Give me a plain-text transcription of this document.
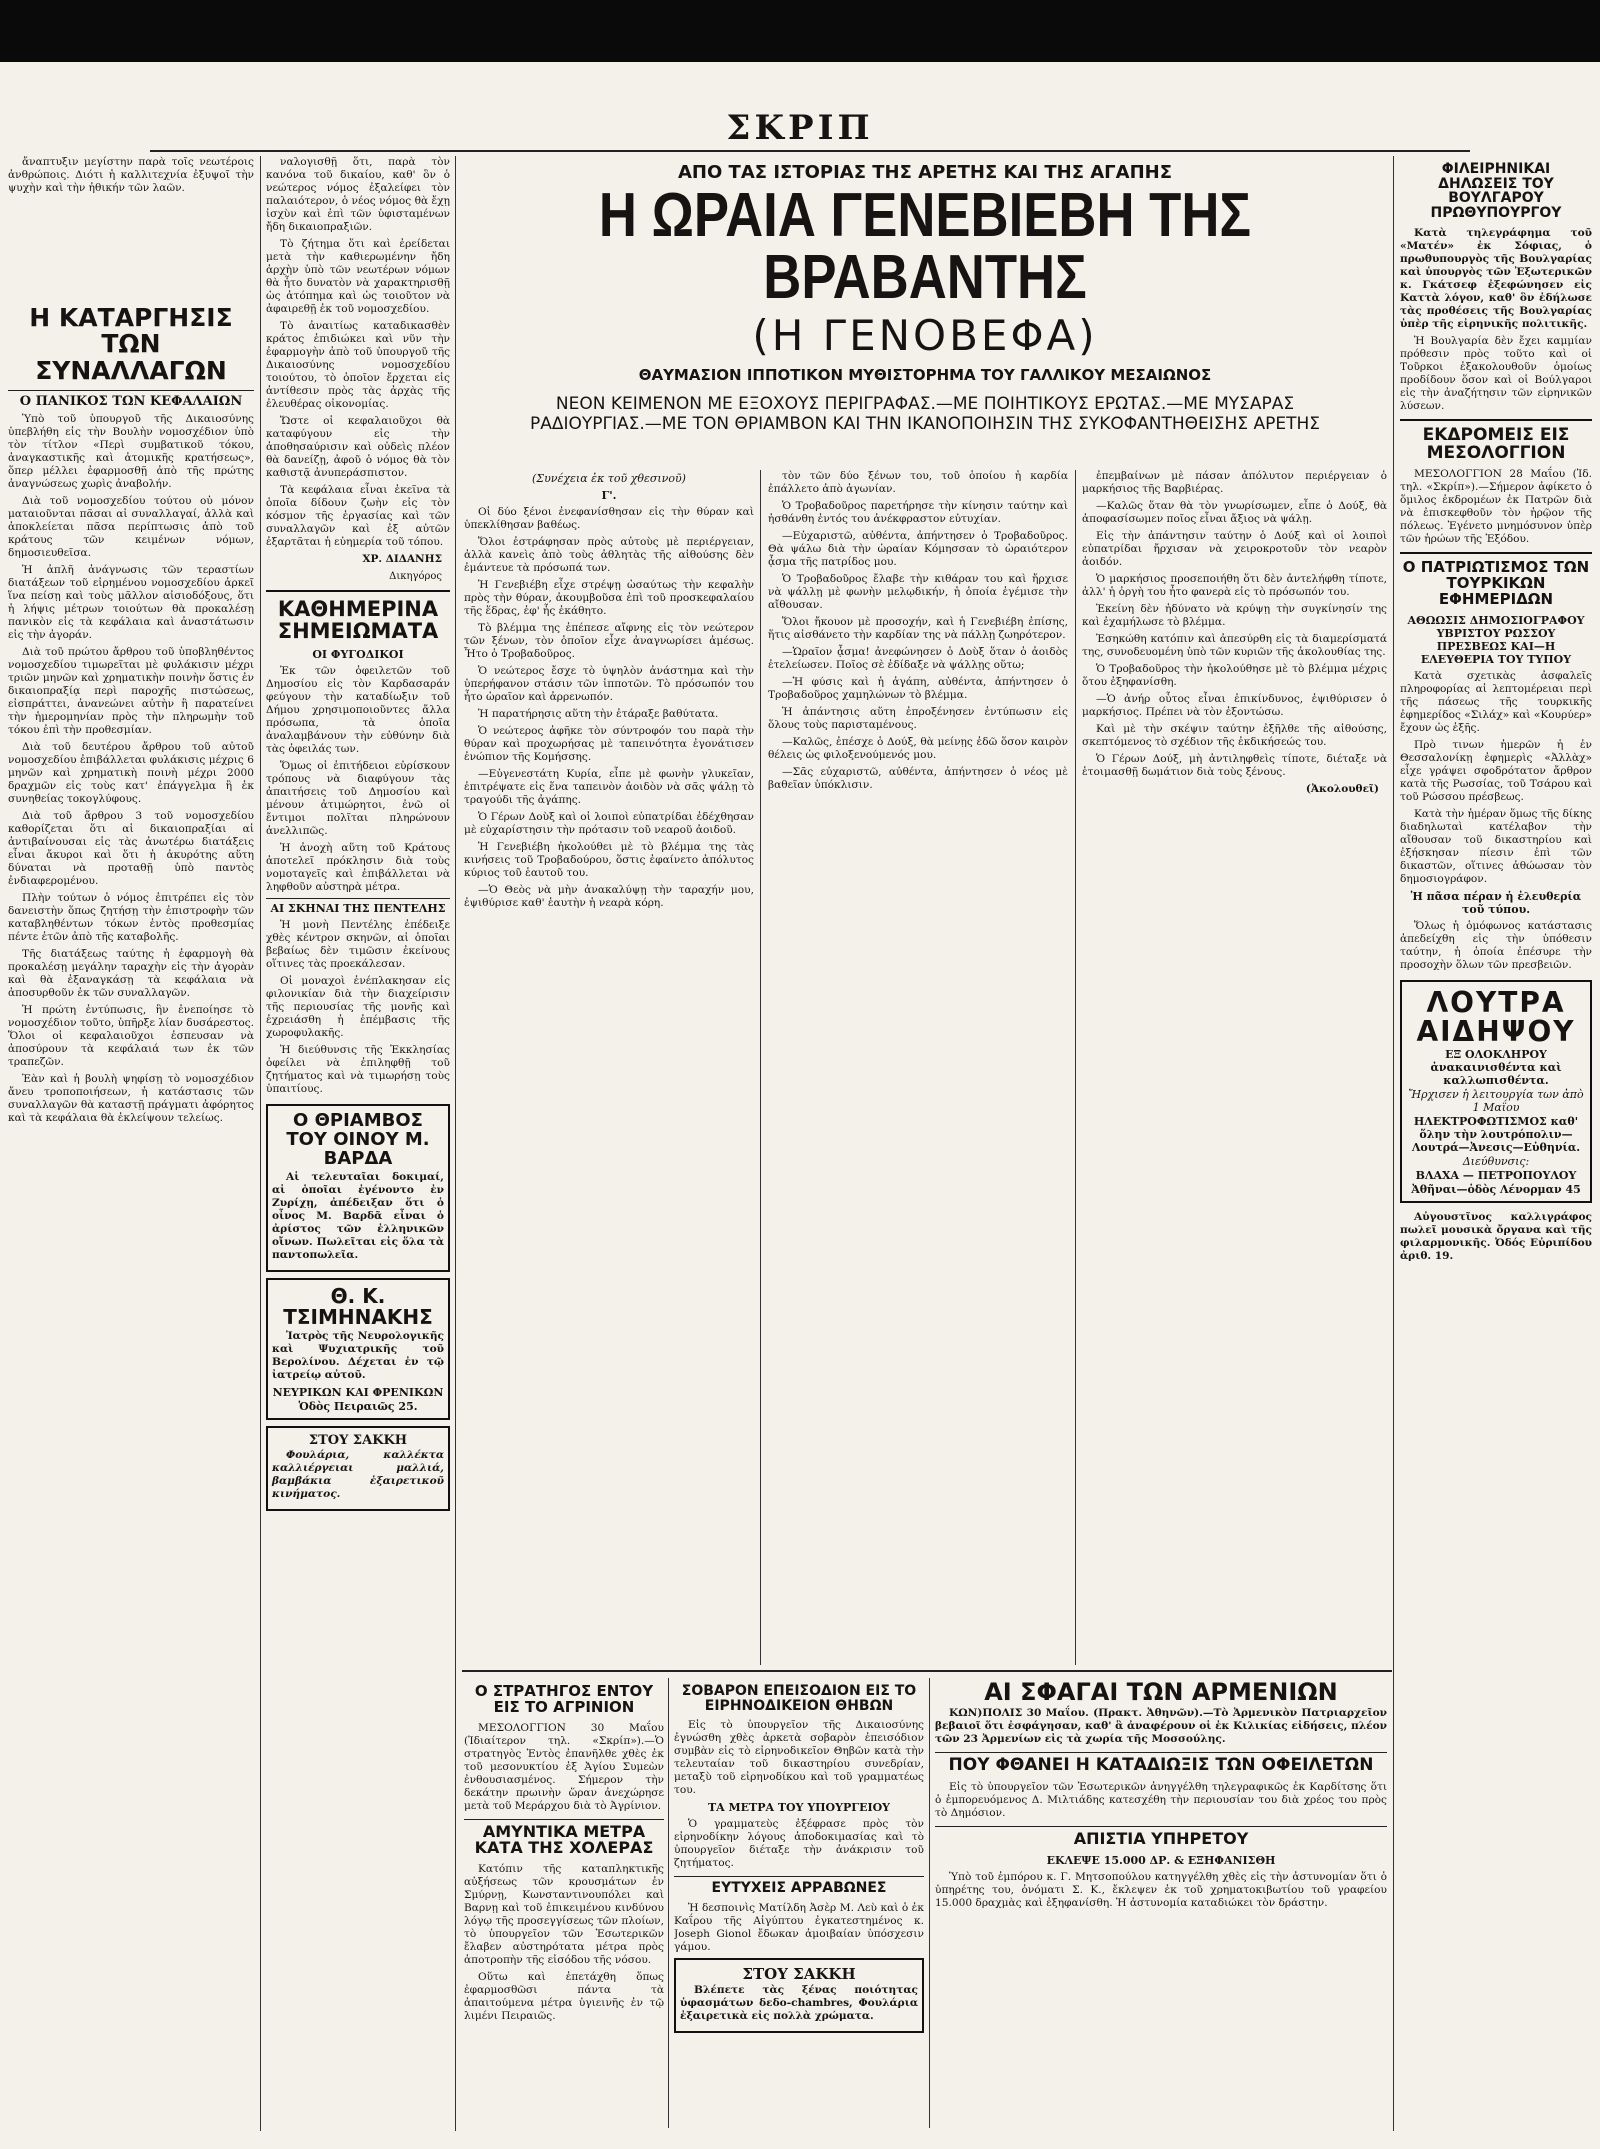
ΣΚΡΙΠ

ἄναπτυξιν μεγίστην παρὰ τοῖς νεωτέροις ἀνθρώποις. Διότι ἡ καλλιτεχνία ἐξυψοῖ τὴν ψυχὴν καὶ τὴν ἠθικήν τῶν λαῶν.

Η ΚΑΤΑΡΓΗΣΙΣ ΤΩΝ ΣΥΝΑΛΛΑΓΩΝ
Ο ΠΑΝΙΚΟΣ ΤΩΝ ΚΕΦΑΛΑΙΩΝ

Ὑπὸ τοῦ ὑπουργοῦ τῆς Δικαιοσύνης ὑπεβλήθη εἰς τὴν Βουλὴν νομοσχέδιον ὑπὸ τὸν τίτλον «Περὶ συμβατικοῦ τόκου, ἀναγκαστικῆς καὶ ἀτομικῆς κρατήσεως», ὅπερ μέλλει ἐφαρμοσθῇ ἀπὸ τῆς πρώτης ἀναγνώσεως χωρὶς ἀναβολήν.

Διὰ τοῦ νομοσχεδίου τούτου οὐ μόνον ματαιοῦνται πᾶσαι αἱ συναλλαγαί, ἀλλὰ καὶ ἀποκλείεται πᾶσα περίπτωσις ἀπὸ τοῦ κράτους τῶν κειμένων νόμων, δημοσιευθεῖσα.

Ἡ ἀπλῆ ἀνάγνωσις τῶν τεραστίων διατάξεων τοῦ εἰρημένου νομοσχεδίου ἀρκεῖ ἵνα πείσῃ καὶ τοὺς μᾶλλον αἰσιοδόξους, ὅτι ἡ λήψις μέτρων τοιούτων θὰ προκαλέσῃ πανικὸν εἰς τὰ κεφάλαια καὶ ἀναστάτωσιν εἰς τὴν ἀγοράν.

Διὰ τοῦ πρώτου ἄρθρου τοῦ ὑποβληθέντος νομοσχεδίου τιμωρεῖται μὲ φυλάκισιν μέχρι τριῶν μηνῶν καὶ χρηματικὴν ποινὴν ὅστις ἐν δικαιοπραξίᾳ περὶ παροχῆς πιστώσεως, εἰσπράττει, ἀνανεώνει αὐτὴν ἢ παρατείνει τὴν ἡμερομηνίαν πρὸς τὴν πληρωμὴν τοῦ τόκου ἐπὶ τὴν προθεσμίαν.

Διὰ τοῦ δευτέρου ἄρθρου τοῦ αὐτοῦ νομοσχεδίου ἐπιβάλλεται φυλάκισις μέχρις 6 μηνῶν καὶ χρηματικὴ ποινὴ μέχρι 2000 δραχμῶν εἰς τοὺς κατ' ἐπάγγελμα ἢ ἐκ συνηθείας τοκογλύφους.

Διὰ τοῦ ἄρθρου 3 τοῦ νομοσχεδίου καθορίζεται ὅτι αἱ δικαιοπραξίαι αἱ ἀντιβαίνουσαι εἰς τὰς ἀνωτέρω διατάξεις εἶναι ἄκυροι καὶ ὅτι ἡ ἀκυρότης αὕτη δύναται νὰ προταθῇ ὑπὸ παντὸς ἐνδιαφερομένου.

Πλὴν τούτων ὁ νόμος ἐπιτρέπει εἰς τὸν δανειστὴν ὅπως ζητήσῃ τὴν ἐπιστροφὴν τῶν καταβληθέντων τόκων ἐντὸς προθεσμίας πέντε ἐτῶν ἀπὸ τῆς καταβολῆς.

Τῆς διατάξεως ταύτης ἡ ἐφαρμογὴ θὰ προκαλέσῃ μεγάλην ταραχὴν εἰς τὴν ἀγορὰν καὶ θὰ ἐξαναγκάσῃ τὰ κεφάλαια νὰ ἀποσυρθοῦν ἐκ τῶν συναλλαγῶν.

Ἡ πρώτη ἐντύπωσις, ἣν ἐνεποίησε τὸ νομοσχέδιον τοῦτο, ὑπῆρξε λίαν δυσάρεστος. Ὅλοι οἱ κεφαλαιοῦχοι ἐσπευσαν νὰ ἀποσύρουν τὰ κεφάλαιά των ἐκ τῶν τραπεζῶν.

Ἐὰν καὶ ἡ βουλὴ ψηφίσῃ τὸ νομοσχέδιον ἄνευ τροποποιήσεων, ἡ κατάστασις τῶν συναλλαγῶν θὰ καταστῇ πράγματι ἀφόρητος καὶ τὰ κεφάλαια θὰ ἐκλείψουν τελείως.

ναλογισθῇ ὅτι, παρὰ τὸν κανόνα τοῦ δικαίου, καθ' ὃν ὁ νεώτερος νόμος ἐξαλείφει τὸν παλαιότερον, ὁ νέος νόμος θὰ ἔχῃ ἰσχὺν καὶ ἐπὶ τῶν ὑφισταμένων ἤδη δικαιοπραξιῶν.

Τὸ ζήτημα ὅτι καὶ ἐρείδεται μετὰ τὴν καθιερωμένην ἤδη ἀρχὴν ὑπὸ τῶν νεωτέρων νόμων θὰ ἦτο δυνατὸν νὰ χαρακτηρισθῇ ὡς ἀτόπημα καὶ ὡς τοιοῦτον νὰ ἀφαιρεθῇ ἐκ τοῦ νομοσχεδίου.

Τὸ ἀναιτίως καταδικασθὲν κράτος ἐπιδιώκει καὶ νῦν τὴν ἐφαρμογὴν ἀπὸ τοῦ ὑπουργοῦ τῆς Δικαιοσύνης νομοσχεδίου τοιούτου, τὸ ὁποῖον ἔρχεται εἰς ἀντίθεσιν πρὸς τὰς ἀρχὰς τῆς ἐλευθέρας οἰκονομίας.

Ὥστε οἱ κεφαλαιοῦχοι θὰ καταφύγουν εἰς τὴν ἀποθησαύρισιν καὶ οὐδεὶς πλέον θὰ δανείζῃ, ἀφοῦ ὁ νόμος θὰ τὸν καθιστᾷ ἀνυπεράσπιστον.

Τὰ κεφάλαια εἶναι ἐκεῖνα τὰ ὁποῖα δίδουν ζωὴν εἰς τὸν κόσμον τῆς ἐργασίας καὶ τῶν συναλλαγῶν καὶ ἐξ αὐτῶν ἐξαρτᾶται ἡ εὐημερία τοῦ τόπου.

ΧΡ. ΔΙΔΑΝΗΣ
Δικηγόρος
ΚΑΘΗΜΕΡΙΝΑ ΣΗΜΕΙΩΜΑΤΑ
ΟΙ ΦΥΓΟΔΙΚΟΙ

Ἐκ τῶν ὀφειλετῶν τοῦ Δημοσίου εἰς τὸν Καρδασαράν φεύγουν τὴν καταδίωξιν τοῦ Δήμου χρησιμοποιοῦντες ἄλλα πρόσωπα, τὰ ὁποῖα ἀναλαμβάνουν τὴν εὐθύνην διὰ τὰς ὀφειλάς των.

Ὅμως οἱ ἐπιτήδειοι εὑρίσκουν τρόπους νὰ διαφύγουν τὰς ἀπαιτήσεις τοῦ Δημοσίου καὶ μένουν ἀτιμώρητοι, ἐνῶ οἱ ἔντιμοι πολῖται πληρώνουν ἀνελλιπῶς.

Ἡ ἀνοχὴ αὕτη τοῦ Κράτους ἀποτελεῖ πρόκλησιν διὰ τοὺς νομοταγεῖς καὶ ἐπιβάλλεται νὰ ληφθοῦν αὐστηρὰ μέτρα.

ΑΙ ΣΚΗΝΑΙ ΤΗΣ ΠΕΝΤΕΛΗΣ

Ἡ μονὴ Πεντέλης ἐπέδειξε χθὲς κέντρον σκηνῶν, αἱ ὁποῖαι βεβαίως δὲν τιμῶσιν ἐκείνους οἵτινες τὰς προεκάλεσαν.

Οἱ μοναχοὶ ἐνέπλακησαν εἰς φιλονικίαν διὰ τὴν διαχείρισιν τῆς περιουσίας τῆς μονῆς καὶ ἐχρειάσθη ἡ ἐπέμβασις τῆς χωροφυλακῆς.

Ἡ διεύθυνσις τῆς Ἐκκλησίας ὀφείλει νὰ ἐπιληφθῇ τοῦ ζητήματος καὶ νὰ τιμωρήσῃ τοὺς ὑπαιτίους.

Ο ΘΡΙΑΜΒΟΣ ΤΟΥ ΟΙΝΟΥ Μ. ΒΑΡΔΑ

Αἱ τελευταῖαι δοκιμαί, αἱ ὁποῖαι ἐγένοντο ἐν Ζυρίχῃ, ἀπέδειξαν ὅτι ὁ οἶνος Μ. Βαρδᾶ εἶναι ὁ ἀρίστος τῶν ἑλληνικῶν οἴνων. Πωλεῖται εἰς ὅλα τὰ παντοπωλεῖα.

Θ. Κ. ΤΣΙΜΗΝΑΚΗΣ

Ἰατρὸς τῆς Νευρολογικῆς καὶ Ψυχιατρικῆς τοῦ Βερολίνου. Δέχεται ἐν τῷ ἰατρείῳ αὐτοῦ.

ΝΕΥΡΙΚΩΝ ΚΑΙ ΦΡΕΝΙΚΩΝ
Ὁδὸς Πειραιῶς 25.
ΣΤΟΥ ΣΑΚΚΗ

Φουλάρια, καλλέκτα καλλιέργειαι μαλλιά, βαμβάκια ἐξαιρετικοῦ κινήματος.

ΑΠΟ ΤΑΣ ΙΣΤΟΡΙΑΣ ΤΗΣ ΑΡΕΤΗΣ ΚΑΙ ΤΗΣ ΑΓΑΠΗΣ
Η ΩΡΑΙΑ ΓΕΝΕΒΙΕΒΗ ΤΗΣ ΒΡΑΒΑΝΤΗΣ
(Η ΓΕΝΟΒΕΦΑ)
ΘΑΥΜΑΣΙΟΝ ΙΠΠΟΤΙΚΟΝ ΜΥΘΙΣΤΟΡΗΜΑ ΤΟΥ ΓΑΛΛΙΚΟΥ ΜΕΣΑΙΩΝΟΣ
ΝΕΟΝ ΚΕΙΜΕΝΟΝ ΜΕ ΕΞΟΧΟΥΣ ΠΕΡΙΓΡΑΦΑΣ.—ΜΕ ΠΟΙΗΤΙΚΟΥΣ ΕΡΩΤΑΣ.—ΜΕ ΜΥΣΑΡΑΣ ΡΑΔΙΟΥΡΓΙΑΣ.—ΜΕ ΤΟΝ ΘΡΙΑΜΒΟΝ ΚΑΙ ΤΗΝ ΙΚΑΝΟΠΟΙΗΣΙΝ ΤΗΣ ΣΥΚΟΦΑΝΤΗΘΕΙΣΗΣ ΑΡΕΤΗΣ
(Συνέχεια ἐκ τοῦ χθεσινοῦ)
Γ'.

Οἱ δύο ξένοι ἐνεφανίσθησαν εἰς τὴν θύραν καὶ ὑπεκλίθησαν βαθέως.

Ὅλοι ἐστράφησαν πρὸς αὐτοὺς μὲ περιέργειαν, ἀλλὰ κανεὶς ἀπὸ τοὺς ἀθλητὰς τῆς αἰθούσης δὲν ἐμάντευε τὰ πρόσωπά των.

Ἡ Γενεβιέβη εἶχε στρέψῃ ὡσαύτως τὴν κεφαλὴν πρὸς τὴν θύραν, ἀκουμβοῦσα ἐπὶ τοῦ προσκεφαλαίου τῆς ἕδρας, ἐφ' ἧς ἐκάθητο.

Τὸ βλέμμα της ἐπέπεσε αἴφνης εἰς τὸν νεώτερον τῶν ξένων, τὸν ὁποῖον εἶχε ἀναγνωρίσει ἀμέσως. Ἦτο ὁ Τροβαδοῦρος.

Ὁ νεώτερος ἔσχε τὸ ὑψηλὸν ἀνάστημα καὶ τὴν ὑπερήφανον στάσιν τῶν ἱπποτῶν. Τὸ πρόσωπόν του ἦτο ὡραῖον καὶ ἀρρενωπόν.

Ἡ παρατήρησις αὕτη τὴν ἐτάραξε βαθύτατα.

Ὁ νεώτερος ἀφῆκε τὸν σύντροφόν του παρὰ τὴν θύραν καὶ προχωρήσας μὲ ταπεινότητα ἐγονάτισεν ἐνώπιον τῆς Κομήσσης.

—Εὐγενεστάτη Κυρία, εἶπε μὲ φωνὴν γλυκεῖαν, ἐπιτρέψατε εἰς ἕνα ταπεινὸν ἀοιδὸν νὰ σᾶς ψάλῃ τὸ τραγούδι τῆς ἀγάπης.

Ὁ Γέρων Δοὺξ καὶ οἱ λοιποὶ εὐπατρίδαι ἐδέχθησαν μὲ εὐχαρίστησιν τὴν πρότασιν τοῦ νεαροῦ ἀοιδοῦ.

Ἡ Γενεβιέβη ἠκολούθει μὲ τὸ βλέμμα της τὰς κινήσεις τοῦ Τροβαδούρου, ὅστις ἐφαίνετο ἀπόλυτος κύριος τοῦ ἑαυτοῦ του.

—Ὁ Θεὸς νὰ μὴν ἀνακαλύψῃ τὴν ταραχήν μου, ἐψιθύρισε καθ' ἑαυτὴν ἡ νεαρὰ κόρη.

τὸν τῶν δύο ξένων του, τοῦ ὁποίου ἡ καρδία ἐπάλλετο ἀπὸ ἀγωνίαν.

Ὁ Τροβαδοῦρος παρετήρησε τὴν κίνησιν ταύτην καὶ ἠσθάνθη ἐντός του ἀνέκφραστον εὐτυχίαν.

—Εὐχαριστῶ, αὐθέντα, ἀπήντησεν ὁ Τροβαδοῦρος. Θὰ ψάλω διὰ τὴν ὡραίαν Κόμησσαν τὸ ὡραιότερον ᾆσμα τῆς πατρίδος μου.

Ὁ Τροβαδοῦρος ἔλαβε τὴν κιθάραν του καὶ ἤρχισε νὰ ψάλλῃ μὲ φωνὴν μελῳδικήν, ἡ ὁποία ἐγέμισε τὴν αἴθουσαν.

Ὅλοι ἤκουον μὲ προσοχήν, καὶ ἡ Γενεβιέβη ἐπίσης, ἥτις αἰσθάνετο τὴν καρδίαν της νὰ πάλλῃ ζωηρότερον.

—Ὡραῖον ᾆσμα! ἀνεφώνησεν ὁ Δοὺξ ὅταν ὁ ἀοιδὸς ἐτελείωσεν. Ποῖος σὲ ἐδίδαξε νὰ ψάλλῃς οὕτω;

—Ἡ φύσις καὶ ἡ ἀγάπη, αὐθέντα, ἀπήντησεν ὁ Τροβαδοῦρος χαμηλώνων τὸ βλέμμα.

Ἡ ἀπάντησις αὕτη ἐπροξένησεν ἐντύπωσιν εἰς ὅλους τοὺς παρισταμένους.

—Καλῶς, ἐπέσχε ὁ Δούξ, θὰ μείνῃς ἐδῶ ὅσον καιρὸν θέλεις ὡς φιλοξενούμενός μου.

—Σᾶς εὐχαριστῶ, αὐθέντα, ἀπήντησεν ὁ νέος μὲ βαθεῖαν ὑπόκλισιν.

ἐπεμβαίνων μὲ πάσαν ἀπόλυτον περιέργειαν ὁ μαρκήσιος τῆς Βαρβιέρας.

—Καλῶς ὅταν θὰ τὸν γνωρίσωμεν, εἶπε ὁ Δούξ, θὰ ἀποφασίσωμεν ποῖος εἶναι ἄξιος νὰ ψάλῃ.

Εἰς τὴν ἀπάντησιν ταύτην ὁ Δούξ καὶ οἱ λοιποὶ εὐπατρίδαι ἤρχισαν νὰ χειροκροτοῦν τὸν νεαρὸν ἀοιδόν.

Ὁ μαρκήσιος προσεποιήθη ὅτι δὲν ἀντελήφθη τίποτε, ἀλλ' ἡ ὀργὴ του ἦτο φανερὰ εἰς τὸ πρόσωπόν του.

Ἐκείνη δὲν ἠδύνατο νὰ κρύψῃ τὴν συγκίνησίν της καὶ ἐχαμήλωσε τὸ βλέμμα.

Ἐσηκώθη κατόπιν καὶ ἀπεσύρθη εἰς τὰ διαμερίσματά της, συνοδευομένη ὑπὸ τῶν κυριῶν τῆς ἀκολουθίας της.

Ὁ Τροβαδοῦρος τὴν ἠκολούθησε μὲ τὸ βλέμμα μέχρις ὅτου ἐξηφανίσθη.

—Ὁ ἀνήρ οὗτος εἶναι ἐπικίνδυνος, ἐψιθύρισεν ὁ μαρκήσιος. Πρέπει νὰ τὸν ἐξοντώσω.

Καὶ μὲ τὴν σκέψιν ταύτην ἐξῆλθε τῆς αἰθούσης, σκεπτόμενος τὸ σχέδιον τῆς ἐκδικήσεώς του.

Ὁ Γέρων Δούξ, μὴ ἀντιληφθεὶς τίποτε, διέταξε νὰ ἑτοιμασθῇ δωμάτιον διὰ τοὺς ξένους.

(Ἀκολουθεῖ)
Ο ΣΤΡΑΤΗΓΟΣ ΕΝΤΟΥ ΕΙΣ ΤΟ ΑΓΡΙΝΙΟΝ

ΜΕΣΟΛΟΓΓΙΟΝ 30 Μαΐου (Ἰδιαίτερον τηλ. «Σκρίπ»).—Ὁ στρατηγὸς Ἐντὸς ἐπανῆλθε χθὲς ἐκ τοῦ μεσονυκτίου ἐξ Ἀγίου Συμεὼν ἐνθουσιασμένος. Σήμερον τὴν δεκάτην πρωινὴν ὥραν ἀνεχώρησε μετὰ τοῦ Μεράρχου διὰ τὸ Ἀγρίνιον.

ΑΜΥΝΤΙΚΑ ΜΕΤΡΑ ΚΑΤΑ ΤΗΣ ΧΟΛΕΡΑΣ

Κατόπιν τῆς καταπληκτικῆς αὐξήσεως τῶν κρουσμάτων ἐν Σμύρνῃ, Κωνσταντινουπόλει καὶ Βαρνῃ καὶ τοῦ ἐπικειμένου κινδύνου λόγῳ τῆς προσεγγίσεως τῶν πλοίων, τὸ ὑπουργεῖον τῶν Ἐσωτερικῶν ἔλαβεν αὐστηρότατα μέτρα πρὸς ἀποτροπὴν τῆς εἰσόδου τῆς νόσου.

Οὕτω καὶ ἐπετάχθη ὅπως ἐφαρμοσθῶσι πάντα τὰ ἀπαιτούμενα μέτρα ὑγιεινῆς ἐν τῷ λιμένι Πειραιῶς.

ΣΟΒΑΡΟΝ ΕΠΕΙΣΟΔΙΟΝ ΕΙΣ ΤΟ ΕΙΡΗΝΟΔΙΚΕΙΟΝ ΘΗΒΩΝ

Εἰς τὸ ὑπουργεῖον τῆς Δικαιοσύνης ἐγνώσθη χθὲς ἀρκετὰ σοβαρὸν ἐπεισόδιον συμβὰν εἰς τὸ εἰρηνοδικεῖον Θηβῶν κατὰ τὴν τελευταίαν τοῦ δικαστηρίου συνεδρίαν, μεταξὺ τοῦ εἰρηνοδίκου καὶ τοῦ γραμματέως του.

ΤΑ ΜΕΤΡΑ ΤΟΥ ΥΠΟΥΡΓΕΙΟΥ

Ὁ γραμματεὺς ἐξέφρασε πρὸς τὸν εἰρηνοδίκην λόγους ἀποδοκιμασίας καὶ τὸ ὑπουργεῖον διέταξε τὴν ἀνάκρισιν τοῦ ζητήματος.

ΕΥΤΥΧΕΙΣ ΑΡΡΑΒΩΝΕΣ

Ἡ δεσποινὶς Ματίλδη Ἀσὲρ Μ. Λεὺ καὶ ὁ ἐκ Καΐρου τῆς Αἰγύπτου ἐγκατεστημένος κ. Joseph Gionol ἔδωκαν ἀμοιβαίαν ὑπόσχεσιν γάμου.

ΣΤΟΥ ΣΑΚΚΗ

Βλέπετε τὰς ξένας ποιότητας ὑφασμάτων δεδο-chambres, Φουλάρια ἐξαιρετικὰ εἰς πολλὰ χρώματα.

ΑΙ ΣΦΑΓΑΙ ΤΩΝ ΑΡΜΕΝΙΩΝ

ΚΩΝ)ΠΟΛΙΣ 30 Μαΐου. (Πρακτ. Ἀθηνῶν).—Τὸ Ἀρμενικὸν Πατριαρχεῖον βεβαιοῖ ὅτι ἐσφάγησαν, καθ' ἃ ἀναφέρουν οἱ ἐκ Κιλικίας εἰδήσεις, πλέον τῶν 23 Ἀρμενίων εἰς τὰ χωρία τῆς Μοσσούλης.

ΠΟΥ ΦΘΑΝΕΙ Η ΚΑΤΑΔΙΩΞΙΣ ΤΩΝ ΟΦΕΙΛΕΤΩΝ

Εἰς τὸ ὑπουργεῖον τῶν Ἐσωτερικῶν ἀνηγγέλθη τηλεγραφικῶς ἐκ Καρδίτσης ὅτι ὁ ἐμπορευόμενος Δ. Μιλτιάδης κατεσχέθη τὴν περιουσίαν του διὰ χρέος του πρὸς τὸ Δημόσιον.

ΑΠΙΣΤΙΑ ΥΠΗΡΕΤΟΥ
ΕΚΛΕΨΕ 15.000 ΔΡ. & ΕΞΗΦΑΝΙΣΘΗ

Ὑπὸ τοῦ ἐμπόρου κ. Γ. Μητσοπούλου κατηγγέλθη χθὲς εἰς τὴν ἀστυνομίαν ὅτι ὁ ὑπηρέτης του, ὀνόματι Σ. Κ., ἔκλεψεν ἐκ τοῦ χρηματοκιβωτίου τοῦ γραφείου 15.000 δραχμὰς καὶ ἐξηφανίσθη. Ἡ ἀστυνομία καταδιώκει τὸν δράστην.

ΦΙΛΕΙΡΗΝΙΚΑΙ ΔΗΛΩΣΕΙΣ ΤΟΥ ΒΟΥΛΓΑΡΟΥ ΠΡΩΘΥΠΟΥΡΓΟΥ

Κατὰ τηλεγράφημα τοῦ «Ματέν» ἐκ Σόφιας, ὁ πρωθυπουργὸς τῆς Βουλγαρίας καὶ ὑπουργὸς τῶν Ἐξωτερικῶν κ. Γκάτσεφ ἐξεφώνησεν εἰς Καττὰ λόγον, καθ' ὃν ἐδήλωσε τὰς προθέσεις τῆς Βουλγαρίας ὑπὲρ τῆς εἰρηνικῆς πολιτικῆς.

Ἡ Βουλγαρία δὲν ἔχει καμμίαν πρόθεσιν πρὸς τοῦτο καὶ οἱ Τοῦρκοι ἐξακολουθοῦν ὁμοίως προδίδουν ὅσον καὶ οἱ Βούλγαροι εἰς τὴν ἀναζήτησιν τῶν εἰρηνικῶν λύσεων.

ΕΚΔΡΟΜΕΙΣ ΕΙΣ ΜΕΣΟΛΟΓΓΙΟΝ

ΜΕΣΟΛΟΓΓΙΟΝ 28 Μαΐου (Ἰδ. τηλ. «Σκρίπ»).—Σήμερον ἀφίκετο ὁ ὅμιλος ἐκδρομέων ἐκ Πατρῶν διὰ νὰ ἐπισκεφθοῦν τὸν ἡρῷον τῆς πόλεως. Ἐγένετο μνημόσυνον ὑπὲρ τῶν ἡρώων τῆς Ἐξόδου.

Ο ΠΑΤΡΙΩΤΙΣΜΟΣ ΤΩΝ ΤΟΥΡΚΙΚΩΝ ΕΦΗΜΕΡΙΔΩΝ
ΑΘΩΩΣΙΣ ΔΗΜΟΣΙΟΓΡΑΦΟΥ ΥΒΡΙΣΤΟΥ ΡΩΣΣΟΥ ΠΡΕΣΒΕΩΣ ΚΑΙ—Η ΕΛΕΥΘΕΡΙΑ ΤΟΥ ΤΥΠΟΥ

Κατὰ σχετικὰς ἀσφαλεῖς πληροφορίας αἱ λεπτομέρειαι περὶ τῆς πάσεως τῆς τουρκικῆς ἐφημερίδος «Σιλάχ» καὶ «Κουρύερ» ἔχουν ὡς ἑξῆς.

Πρὸ τινων ἡμερῶν ἡ ἐν Θεσσαλονίκῃ ἐφημερὶς «Ἀλλὰχ» εἶχε γράψει σφοδρότατον ἄρθρον κατὰ τῆς Ρωσσίας, τοῦ Τσάρου καὶ τοῦ Ρώσσου πρέσβεως.

Κατὰ τὴν ἡμέραν ὅμως τῆς δίκης διαδηλωταὶ κατέλαβον τὴν αἴθουσαν τοῦ δικαστηρίου καὶ ἐξήσκησαν πίεσιν ἐπὶ τῶν δικαστῶν, οἵτινες ἀθώωσαν τὸν δημοσιογράφον.

Ἡ πᾶσα πέραν ἡ ἐλευθερία τοῦ τύπου.

Ὅλως ἡ ὁμόφωνος κατάστασις ἀπεδείχθη εἰς τὴν ὑπόθεσιν ταύτην, ἡ ὁποία ἐπέσυρε τὴν προσοχὴν ὅλων τῶν πρεσβειῶν.

ΛΟΥΤΡΑ ΑΙΔΗΨΟΥ
ΕΞ ΟΛΟΚΛΗΡΟΥ ἀνακαινισθέντα καὶ καλλωπισθέντα.
Ἤρχισεν ἡ λειτουργία των ἀπὸ 1 Μαΐου
ΗΛΕΚΤΡΟΦΩΤΙΣΜΟΣ καθ' ὅλην τὴν λουτρόπολιν—Λουτρά—Ἀνεσις—Εὐθηνία.
Διεύθυνσις:
ΒΛΑΧΑ — ΠΕΤΡΟΠΟΥΛΟΥ
Ἀθῆναι—ὁδὸς Λένορμαν 45

Αὐγουστῖνος καλλιγράφος πωλεῖ μουσικὰ ὄργανα καὶ τῆς φιλαρμονικῆς. Ὀδός Εὐριπίδου ἀριθ. 19.
